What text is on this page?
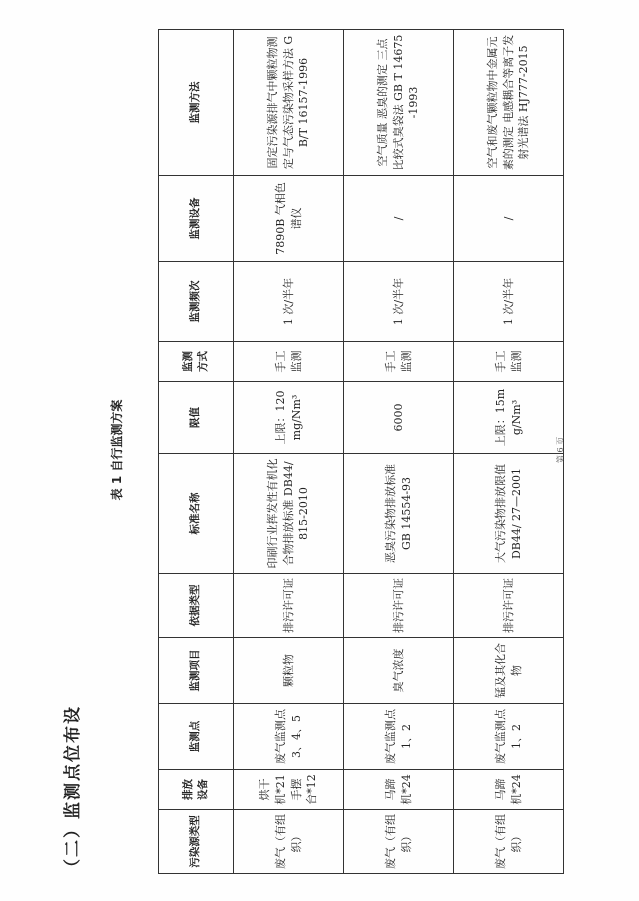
（二）监测点位布设
表 1 自行监测方案
污染源类型	排放设备	监测点	监测项目	依据类型	标准名称	限值	监测方式	监测频次	监测设备	监测方法
废气（有组织）	烘干机*21 手摆台*12	废气监测点 3、4、5	颗粒物	排污许可证	印刷行业挥发性有机化合物排放标准 DB44/815-2010	上限：120mg/Nm³	手工监测	1 次/半年	7890B 气相色谱仪	固定污染源排气中颗粒物测定与气态污染物采样方法 GB/T 16157-1996
废气（有组织）	马蹄机*24	废气监测点 1、2	臭气浓度	排污许可证	恶臭污染物排放标准 GB 14554-93	6000	手工监测	1 次/半年	/	空气质量 恶臭的测定 三点比较式臭袋法 GB T 14675-1993
废气（有组织）	马蹄机*24	废气监测点 1、2	锰及其化合物	排污许可证	大气污染物排放限值 DB44/ 27—2001	上限：15mg/Nm³	手工监测	1 次/半年	/	空气和废气颗粒物中金属元素的测定 电感耦合等离子发射光谱法 HJ777-2015
第 6 页
